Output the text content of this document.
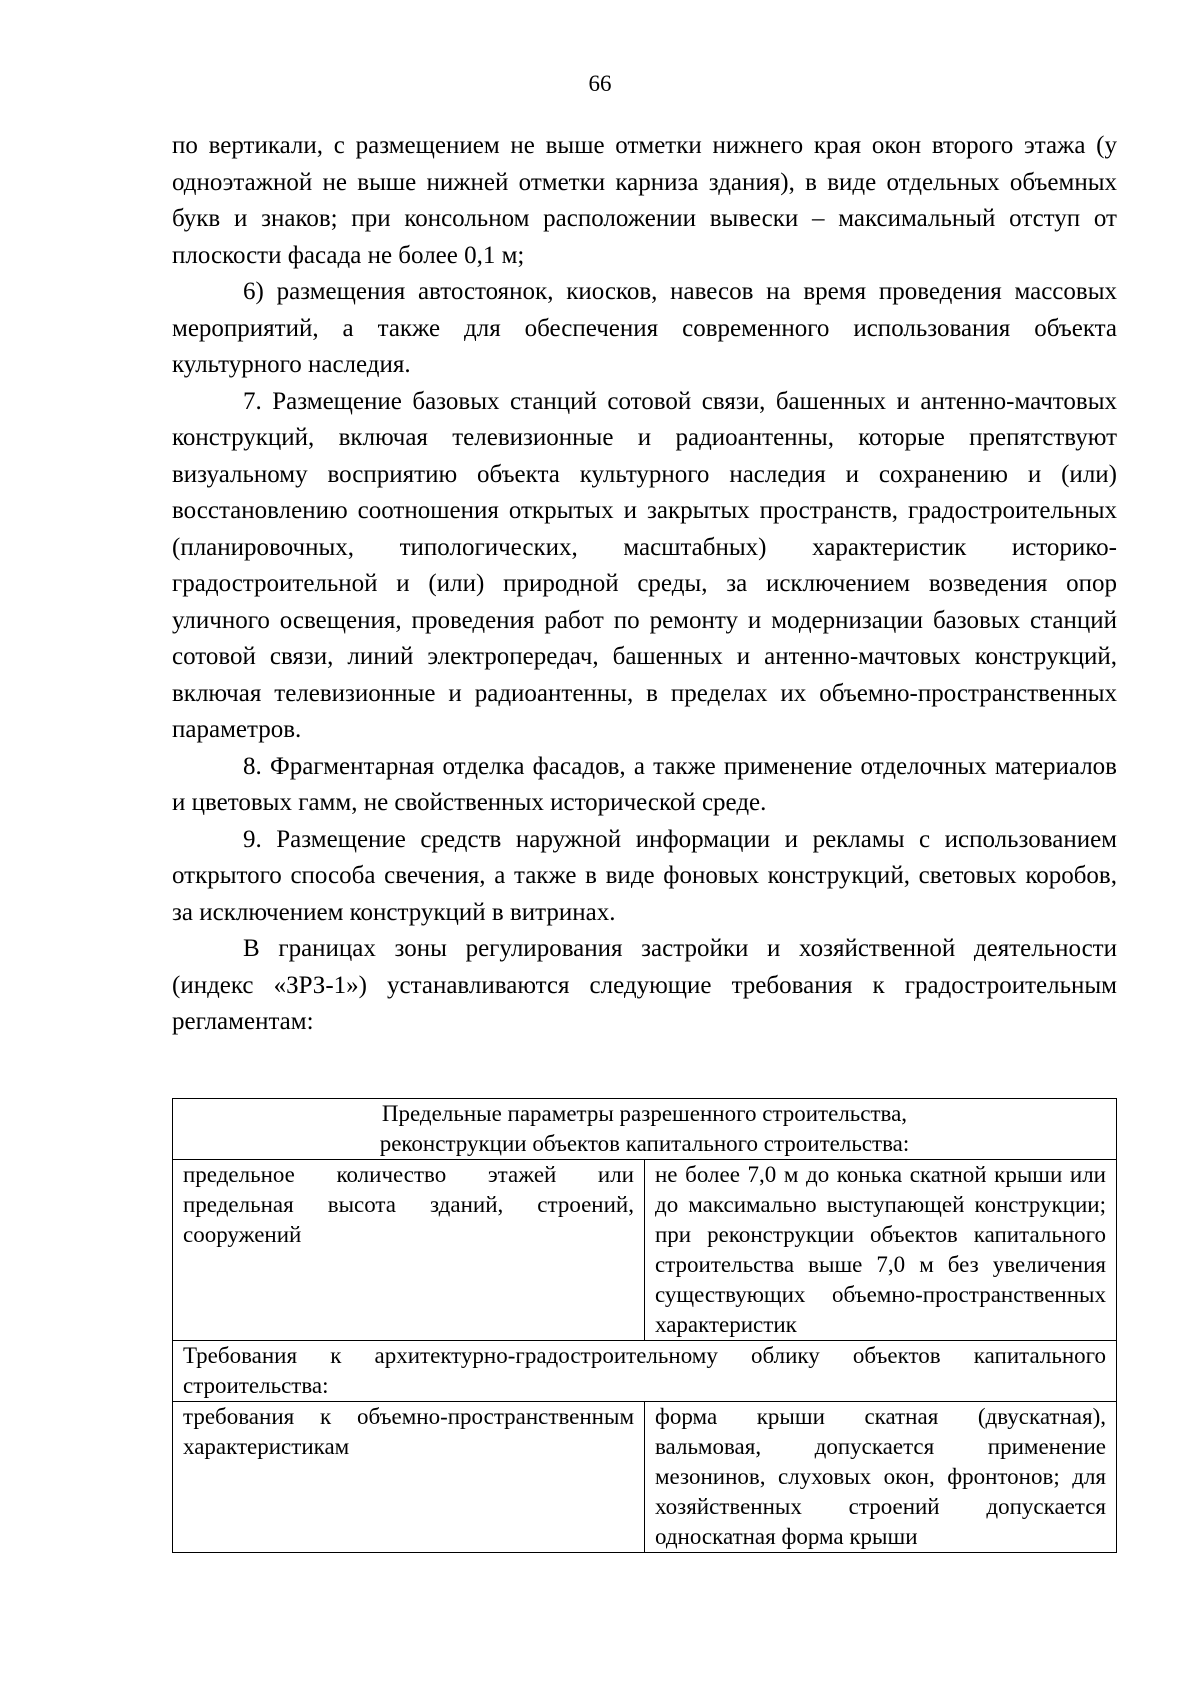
66

по вертикали, с размещением не выше отметки нижнего края окон второго этажа (у одноэтажной не выше нижней отметки карниза здания), в виде отдельных объемных букв и знаков; при консольном расположении вывески – максимальный отступ от плоскости фасада не более 0,1 м;

6) размещения автостоянок, киосков, навесов на время проведения массовых мероприятий, а также для обеспечения современного использования объекта культурного наследия.

7. Размещение базовых станций сотовой связи, башенных и антенно-мачтовых конструкций, включая телевизионные и радиоантенны, которые препятствуют визуальному восприятию объекта культурного наследия и сохранению и (или) восстановлению соотношения открытых и закрытых пространств, градостроительных (планировочных, типологических, масштабных) характеристик историко-градостроительной и (или) природной среды, за исключением возведения опор уличного освещения, проведения работ по ремонту и модернизации базовых станций сотовой связи, линий электропередач, башенных и антенно-мачтовых конструкций, включая телевизионные и радиоантенны, в пределах их объемно-пространственных параметров.

8. Фрагментарная отделка фасадов, а также применение отделочных материалов и цветовых гамм, не свойственных исторической среде.

9. Размещение средств наружной информации и рекламы с использованием открытого способа свечения, а также в виде фоновых конструкций, световых коробов, за исключением конструкций в витринах.

В границах зоны регулирования застройки и хозяйственной деятельности (индекс «ЗРЗ-1») устанавливаются следующие требования к градостроительным регламентам:

Предельные параметры разрешенного строительства,
реконструкции объектов капитального строительства:	
предельное количество этажей или предельная высота зданий, строений, сооружений	не более 7,0 м до конька скатной крыши или до максимально выступающей конструкции; при реконструкции объектов капитального строительства выше 7,0 м без увеличения существующих объемно-пространственных характеристик
Требования к архитектурно-градостроительному облику объектов капитального строительства:	
требования к объемно-пространственным характеристикам	форма крыши скатная (двускатная), вальмовая, допускается применение мезонинов, слуховых окон, фронтонов; для хозяйственных строений допускается односкатная форма крыши
